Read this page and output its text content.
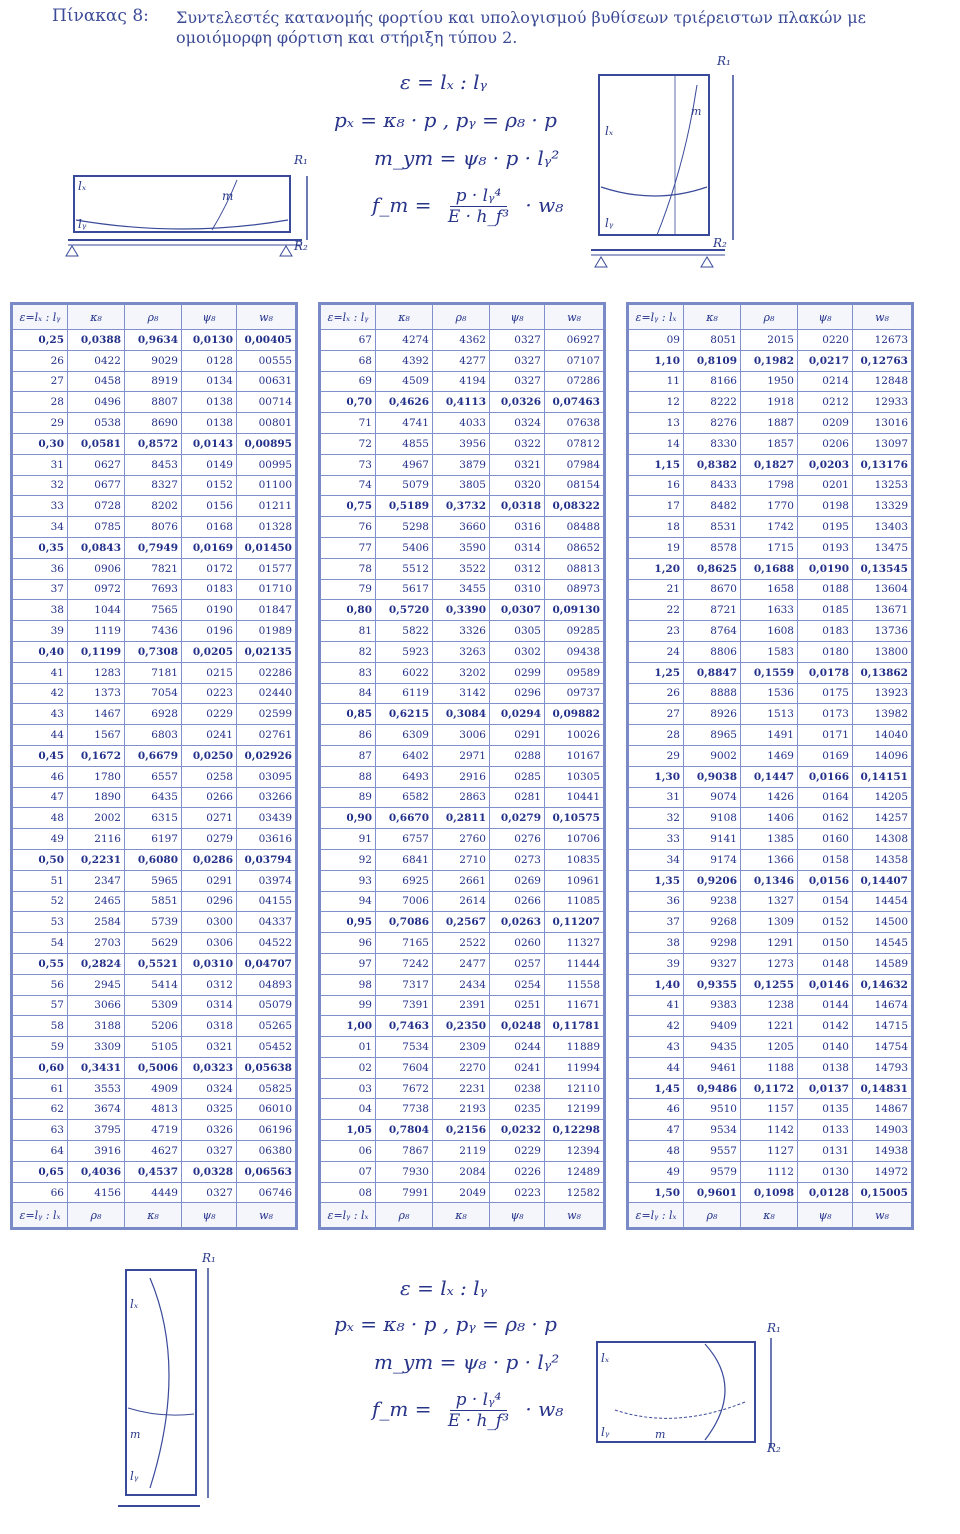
Πίνακας 8: Συντελεστές κατανομής φορτίου και υπολογισμού βυθίσεων τριέρειστων πλακών με ομοιόμορφη φόρτιση και στήριξη τύπου 2.
ε = lₓ : lᵧ
pₓ = κ₈ · p , pᵧ = ρ₈ · p
m_ym = ψ₈ · p · lᵧ²
f_m = $\frac{\text{p · lᵧ⁴}}{\text{E · h\_f³}} \cdot w_8$
lₓ
lᵧ
m
R₁
R₂
lₓ
lᵧ
m
R₁
R₂
ε=lₓ : lᵧ	κ₈	ρ₈	ψ₈	w₈
0,25	0,0388	0,9634	0,0130	0,00405
26	0422	9029	0128	00555
27	0458	8919	0134	00631
28	0496	8807	0138	00714
29	0538	8690	0138	00801
0,30	0,0581	0,8572	0,0143	0,00895
31	0627	8453	0149	00995
32	0677	8327	0152	01100
33	0728	8202	0156	01211
34	0785	8076	0168	01328
0,35	0,0843	0,7949	0,0169	0,01450
36	0906	7821	0172	01577
37	0972	7693	0183	01710
38	1044	7565	0190	01847
39	1119	7436	0196	01989
0,40	0,1199	0,7308	0,0205	0,02135
41	1283	7181	0215	02286
42	1373	7054	0223	02440
43	1467	6928	0229	02599
44	1567	6803	0241	02761
0,45	0,1672	0,6679	0,0250	0,02926
46	1780	6557	0258	03095
47	1890	6435	0266	03266
48	2002	6315	0271	03439
49	2116	6197	0279	03616
0,50	0,2231	0,6080	0,0286	0,03794
51	2347	5965	0291	03974
52	2465	5851	0296	04155
53	2584	5739	0300	04337
54	2703	5629	0306	04522
0,55	0,2824	0,5521	0,0310	0,04707
56	2945	5414	0312	04893
57	3066	5309	0314	05079
58	3188	5206	0318	05265
59	3309	5105	0321	05452
0,60	0,3431	0,5006	0,0323	0,05638
61	3553	4909	0324	05825
62	3674	4813	0325	06010
63	3795	4719	0326	06196
64	3916	4627	0327	06380
0,65	0,4036	0,4537	0,0328	0,06563
66	4156	4449	0327	06746
ε=lᵧ : lₓ	ρ₈	κ₈	ψ₈	w₈
ε=lₓ : lᵧ	κ₈	ρ₈	ψ₈	w₈
67	4274	4362	0327	06927
68	4392	4277	0327	07107
69	4509	4194	0327	07286
0,70	0,4626	0,4113	0,0326	0,07463
71	4741	4033	0324	07638
72	4855	3956	0322	07812
73	4967	3879	0321	07984
74	5079	3805	0320	08154
0,75	0,5189	0,3732	0,0318	0,08322
76	5298	3660	0316	08488
77	5406	3590	0314	08652
78	5512	3522	0312	08813
79	5617	3455	0310	08973
0,80	0,5720	0,3390	0,0307	0,09130
81	5822	3326	0305	09285
82	5923	3263	0302	09438
83	6022	3202	0299	09589
84	6119	3142	0296	09737
0,85	0,6215	0,3084	0,0294	0,09882
86	6309	3006	0291	10026
87	6402	2971	0288	10167
88	6493	2916	0285	10305
89	6582	2863	0281	10441
0,90	0,6670	0,2811	0,0279	0,10575
91	6757	2760	0276	10706
92	6841	2710	0273	10835
93	6925	2661	0269	10961
94	7006	2614	0266	11085
0,95	0,7086	0,2567	0,0263	0,11207
96	7165	2522	0260	11327
97	7242	2477	0257	11444
98	7317	2434	0254	11558
99	7391	2391	0251	11671
1,00	0,7463	0,2350	0,0248	0,11781
01	7534	2309	0244	11889
02	7604	2270	0241	11994
03	7672	2231	0238	12110
04	7738	2193	0235	12199
1,05	0,7804	0,2156	0,0232	0,12298
06	7867	2119	0229	12394
07	7930	2084	0226	12489
08	7991	2049	0223	12582
ε=lᵧ : lₓ	ρ₈	κ₈	ψ₈	w₈
ε=lᵧ : lₓ	κ₈	ρ₈	ψ₈	w₈
09	8051	2015	0220	12673
1,10	0,8109	0,1982	0,0217	0,12763
11	8166	1950	0214	12848
12	8222	1918	0212	12933
13	8276	1887	0209	13016
14	8330	1857	0206	13097
1,15	0,8382	0,1827	0,0203	0,13176
16	8433	1798	0201	13253
17	8482	1770	0198	13329
18	8531	1742	0195	13403
19	8578	1715	0193	13475
1,20	0,8625	0,1688	0,0190	0,13545
21	8670	1658	0188	13604
22	8721	1633	0185	13671
23	8764	1608	0183	13736
24	8806	1583	0180	13800
1,25	0,8847	0,1559	0,0178	0,13862
26	8888	1536	0175	13923
27	8926	1513	0173	13982
28	8965	1491	0171	14040
29	9002	1469	0169	14096
1,30	0,9038	0,1447	0,0166	0,14151
31	9074	1426	0164	14205
32	9108	1406	0162	14257
33	9141	1385	0160	14308
34	9174	1366	0158	14358
1,35	0,9206	0,1346	0,0156	0,14407
36	9238	1327	0154	14454
37	9268	1309	0152	14500
38	9298	1291	0150	14545
39	9327	1273	0148	14589
1,40	0,9355	0,1255	0,0146	0,14632
41	9383	1238	0144	14674
42	9409	1221	0142	14715
43	9435	1205	0140	14754
44	9461	1188	0138	14793
1,45	0,9486	0,1172	0,0137	0,14831
46	9510	1157	0135	14867
47	9534	1142	0133	14903
48	9557	1127	0131	14938
49	9579	1112	0130	14972
1,50	0,9601	0,1098	0,0128	0,15005
ε=lᵧ : lₓ	ρ₈	κ₈	ψ₈	w₈
lₓ
lᵧ
m
R₁
ε = lₓ : lᵧ
pₓ = κ₈ · p , pᵧ = ρ₈ · p
m_ym = ψ₈ · p · lᵧ²
f_m = $\frac{\text{p · lᵧ⁴}}{\text{E · h\_f³}} \cdot w_8$
lₓ
lᵧ	m
R₁
R₂
